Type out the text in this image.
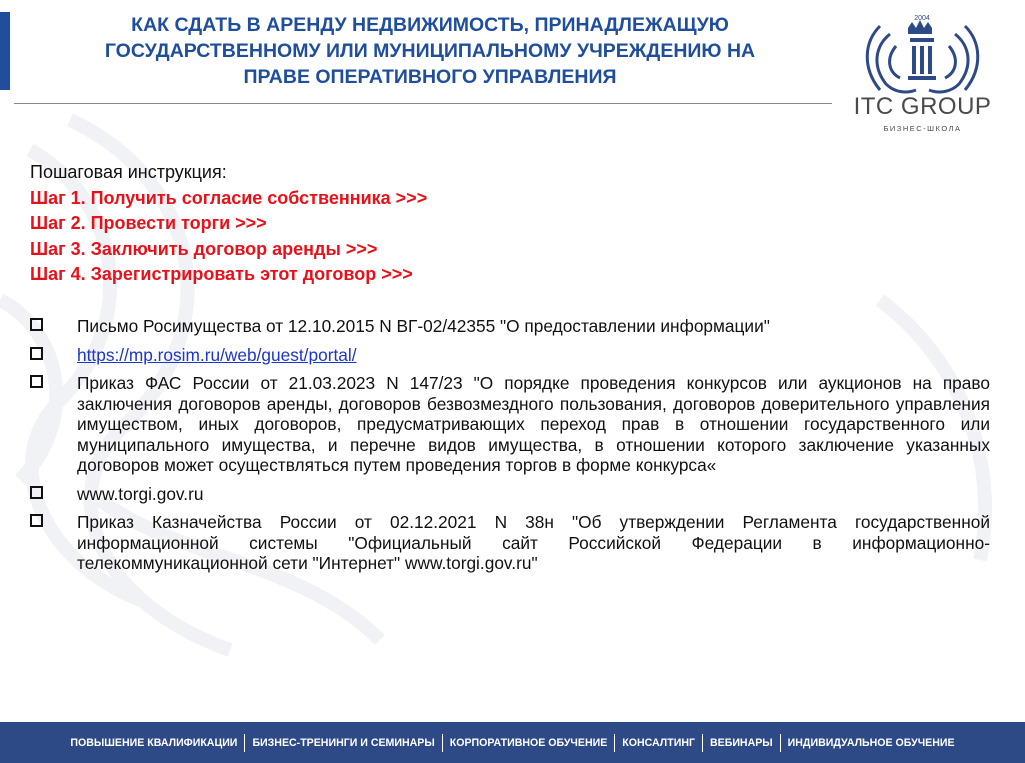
КАК СДАТЬ В АРЕНДУ НЕДВИЖИМОСТЬ, ПРИНАДЛЕЖАЩУЮ
ГОСУДАРСТВЕННОМУ ИЛИ МУНИЦИПАЛЬНОМУ УЧРЕЖДЕНИЮ НА
ПРАВЕ ОПЕРАТИВНОГО УПРАВЛЕНИЯ
2004
ITC GROUP
БИЗНЕС-ШКОЛА
Пошаговая инструкция:
Шаг 1. Получить согласие собственника >>>
Шаг 2. Провести торги >>>
Шаг 3. Заключить договор аренды >>>
Шаг 4. Зарегистрировать этот договор >>>
Письмо Росимущества от 12.10.2015 N ВГ-02/42355 "О предоставлении информации"
https://mp.rosim.ru/web/guest/portal/
Приказ ФАС России от 21.03.2023 N 147/23 "О порядке проведения конкурсов или аукционов на право заключения договоров аренды, договоров безвозмездного пользования, договоров доверительного управления имуществом, иных договоров, предусматривающих переход прав в отношении государственного или муниципального имущества, и перечне видов имущества, в отношении которого заключение указанных договоров может осуществляться путем проведения торгов в форме конкурса«
www.torgi.gov.ru
Приказ Казначейства России от 02.12.2021 N 38н "Об утверждении Регламента государственной информационной системы "Официальный сайт Российской Федерации в информационно-телекоммуникационной сети "Интернет" www.torgi.gov.ru"
ПОВЫШЕНИЕ КВАЛИФИКАЦИИ БИЗНЕС-ТРЕНИНГИ И СЕМИНАРЫ КОРПОРАТИВНОЕ ОБУЧЕНИЕ КОНСАЛТИНГ ВЕБИНАРЫ ИНДИВИДУАЛЬНОЕ ОБУЧЕНИЕ
